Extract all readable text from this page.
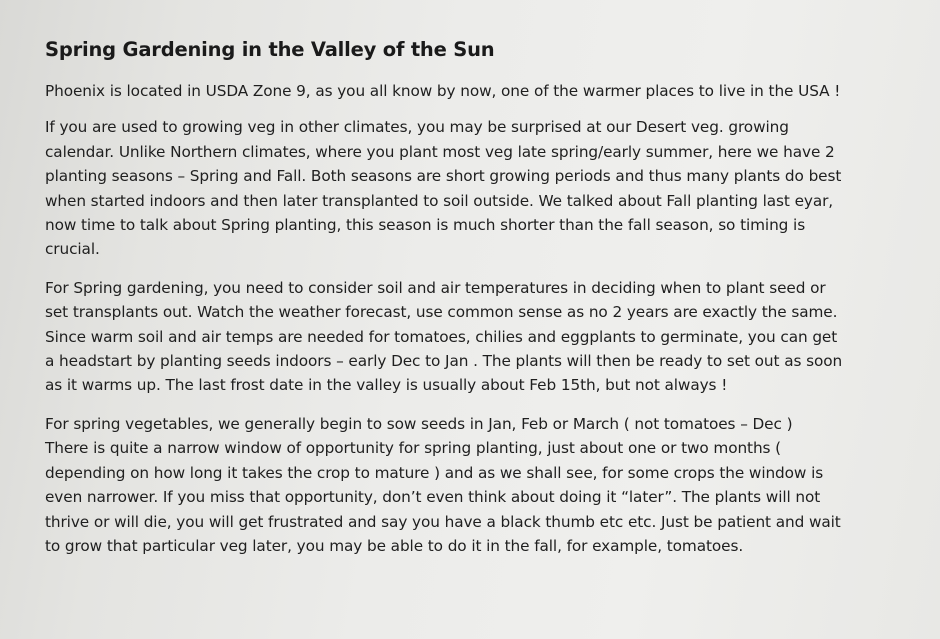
Spring Gardening in the Valley of the Sun
Phoenix is located in USDA Zone 9, as you all know by now, one of the warmer places to live in the USA !
If you are used to growing veg in other climates, you may be surprised at our Desert veg. growing
calendar. Unlike Northern climates, where you plant most veg late spring/early summer, here we have 2
planting seasons – Spring and Fall. Both seasons are short growing periods and thus many plants do best
when started indoors and then later transplanted to soil outside. We talked about Fall planting last eyar,
now time to talk about Spring planting, this season is much shorter than the fall season, so timing is
crucial.
For Spring gardening, you need to consider soil and air temperatures in deciding when to plant seed or
set transplants out. Watch the weather forecast, use common sense as no 2 years are exactly the same.
Since warm soil and air temps are needed for tomatoes, chilies and eggplants to germinate, you can get
a headstart by planting seeds indoors – early Dec to Jan . The plants will then be ready to set out as soon
as it warms up. The last frost date in the valley is usually about Feb 15th, but not always !
For spring vegetables, we generally begin to sow seeds in Jan, Feb or March ( not tomatoes – Dec )
There is quite a narrow window of opportunity for spring planting, just about one or two months (
depending on how long it takes the crop to mature ) and as we shall see, for some crops the window is
even narrower. If you miss that opportunity, don’t even think about doing it “later”. The plants will not
thrive or will die, you will get frustrated and say you have a black thumb etc etc. Just be patient and wait
to grow that particular veg later, you may be able to do it in the fall, for example, tomatoes.
